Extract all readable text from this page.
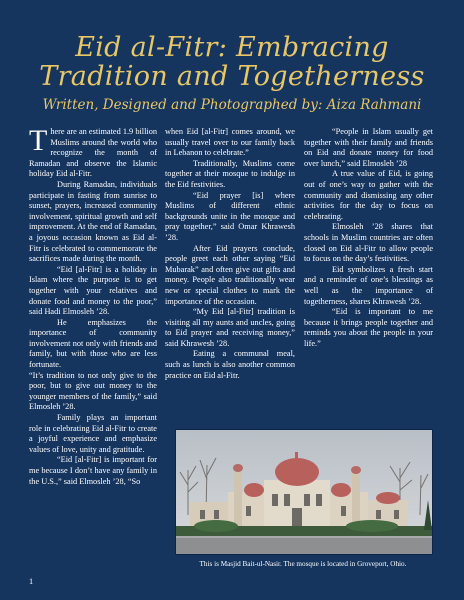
Eid al-Fitr: Embracing
Tradition and Togetherness
Written, Designed and Photographed by: Aiza Rahmani

There are an estimated 1.9 billion Muslims around the world who recognize the month of Ramadan and observe the Islamic holiday Eid al-Fitr.

During Ramadan, individuals participate in fasting from sunrise to sunset, prayers, increased community involvement, spiritual growth and self improvement. At the end of Ramadan, a joyous occasion known as Eid al-Fitr is celebrated to commemorate the sacrifices made during the month.

“Eid [al-Fitr] is a holiday in Islam where the purpose is to get together with your relatives and donate food and money to the poor,” said Hadi Elmosleh ’28.

He emphasizes the importance of community involvement not only with friends and family, but with those who are less fortunate.

“It’s tradition to not only give to the poor, but to give out money to the younger members of the family,” said Elmosleh ’28.

Family plays an important role in celebrating Eid al-Fitr to create a joyful experience and emphasize values of love, unity and gratitude.

“Eid [al-Fitr] is important for me because I don’t have any family in the U.S.,” said Elmosleh ’28, “So

when Eid [al-Fitr] comes around, we usually travel over to our family back in Lebanon to celebrate.”

Traditionally, Muslims come together at their mosque to indulge in the Eid festivities.

“Eid prayer [is] where Muslims of different ethnic backgrounds unite in the mosque and pray together,” said Omar Khrawesh ’28.

After Eid prayers conclude, people greet each other saying “Eid Mubarak” and often give out gifts and money. People also traditionally wear new or special clothes to mark the importance of the occasion.

“My Eid [al-Fitr] tradition is visiting all my aunts and uncles, going to Eid prayer and receiving money,” said Khrawesh ’28.

Eating a communal meal, such as lunch is also another common practice on Eid al-Fitr.

“People in Islam usually get together with their family and friends on Eid and donate money for food over lunch,” said Elmosleh ’28

A true value of Eid, is going out of one’s way to gather with the community and dismissing any other activities for the day to focus on celebrating.

Elmosleh ’28 shares that schools in Muslim countries are often closed on Eid al-Fitr to allow people to focus on the day’s festivities.

Eid symbolizes a fresh start and a reminder of one’s blessings as well as the importance of togetherness, shares Khrawesh ’28.

“Eid is important to me because it brings people together and reminds you about the people in your life.”

This is Masjid Bait-ul-Nasir. The mosque is located in Groveport, Ohio.
1
